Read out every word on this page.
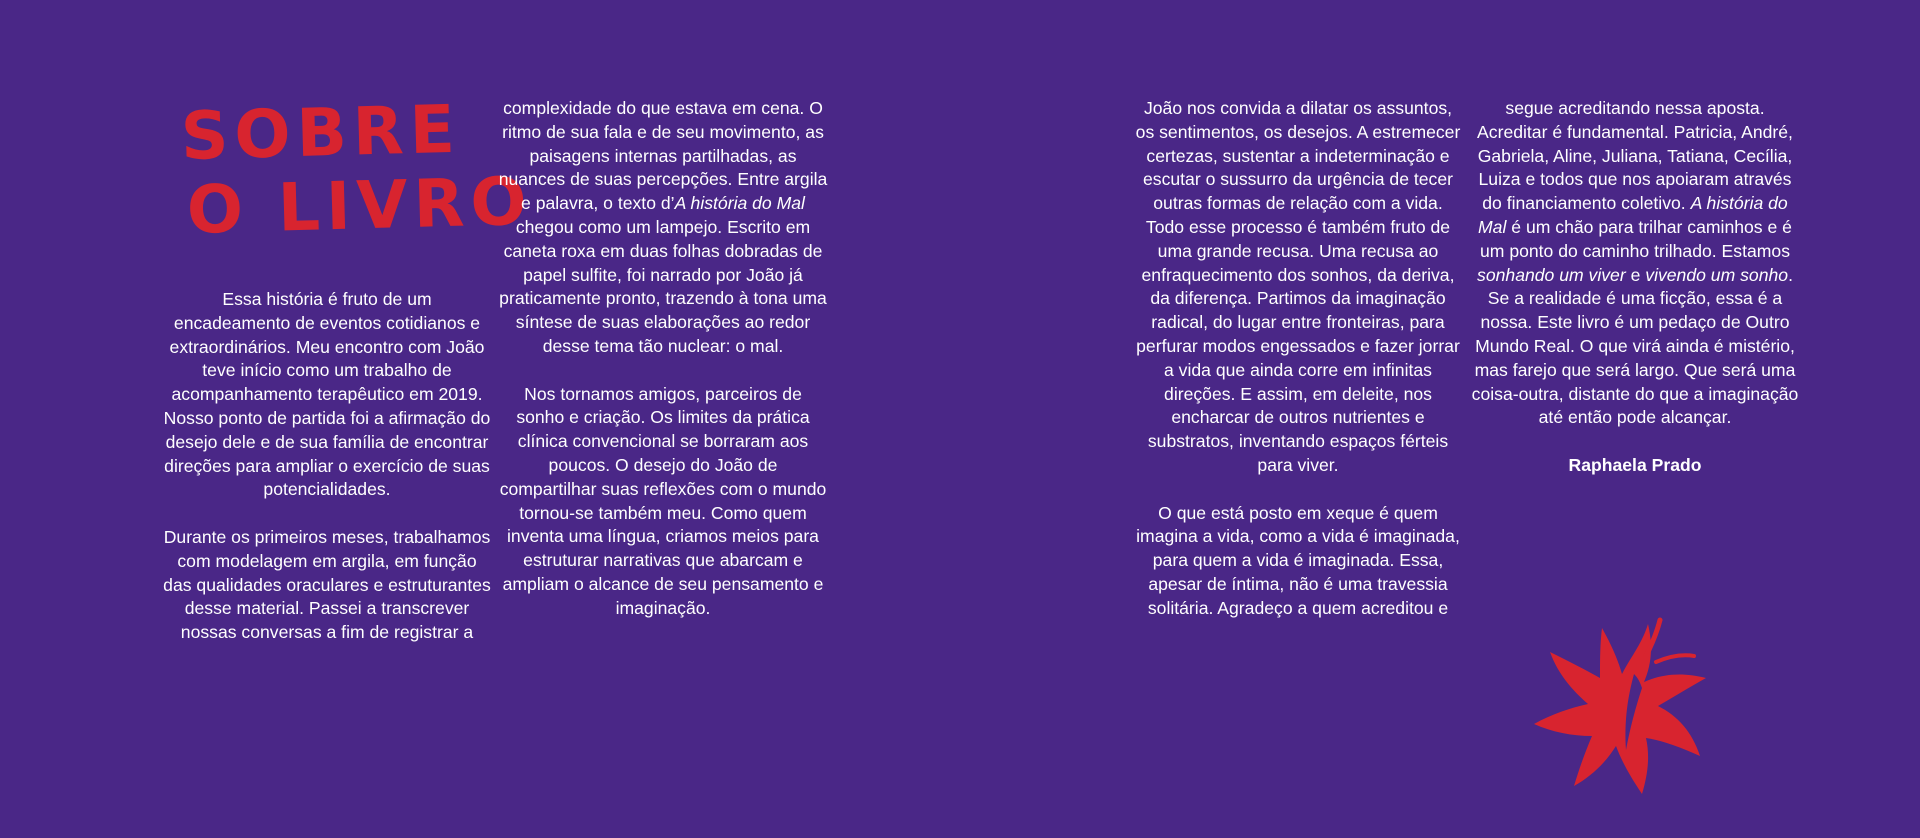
SOBRE
O LIVRO

Essa história é fruto de um encadeamento de eventos cotidianos e extraordinários. Meu encontro com João teve início como um trabalho de acompanhamento terapêutico em 2019. Nosso ponto de partida foi a afirmação do desejo dele e de sua família de encontrar direções para ampliar o exercício de suas potencialidades.

Durante os primeiros meses, trabalhamos com modelagem em argila, em função das qualidades oraculares e estruturantes desse material. Passei a transcrever nossas conversas a fim de registrar a

complexidade do que estava em cena. O ritmo de sua fala e de seu movimento, as paisagens internas partilhadas, as nuances de suas percepções. Entre argila e palavra, o texto d’A história do Mal chegou como um lampejo. Escrito em caneta roxa em duas folhas dobradas de papel sulfite, foi narrado por João já praticamente pronto, trazendo à tona uma síntese de suas elaborações ao redor desse tema tão nuclear: o mal.

Nos tornamos amigos, parceiros de sonho e criação. Os limites da prática clínica convencional se borraram aos poucos. O desejo do João de compartilhar suas reflexões com o mundo tornou-se também meu. Como quem inventa uma língua, criamos meios para estruturar narrativas que abarcam e ampliam o alcance de seu pensamento e imaginação.

João nos convida a dilatar os assuntos, os sentimentos, os desejos. A estremecer certezas, sustentar a indeterminação e escutar o sussurro da urgência de tecer outras formas de relação com a vida. Todo esse processo é também fruto de uma grande recusa. Uma recusa ao enfraquecimento dos sonhos, da deriva, da diferença. Partimos da imaginação radical, do lugar entre fronteiras, para perfurar modos engessados e fazer jorrar a vida que ainda corre em infinitas direções. E assim, em deleite, nos encharcar de outros nutrientes e substratos, inventando espaços férteis para viver.

O que está posto em xeque é quem imagina a vida, como a vida é imaginada, para quem a vida é imaginada. Essa, apesar de íntima, não é uma travessia solitária. Agradeço a quem acreditou e

segue acreditando nessa aposta. Acreditar é fundamental. Patricia, André, Gabriela, Aline, Juliana, Tatiana, Cecília, Luiza e todos que nos apoiaram através do financiamento coletivo. A história do Mal é um chão para trilhar caminhos e é um ponto do caminho trilhado. Estamos sonhando um viver e vivendo um sonho. Se a realidade é uma ficção, essa é a nossa. Este livro é um pedaço de Outro Mundo Real. O que virá ainda é mistério, mas farejo que será largo. Que será uma coisa-outra, distante do que a imaginação até então pode alcançar.

Raphaela Prado
